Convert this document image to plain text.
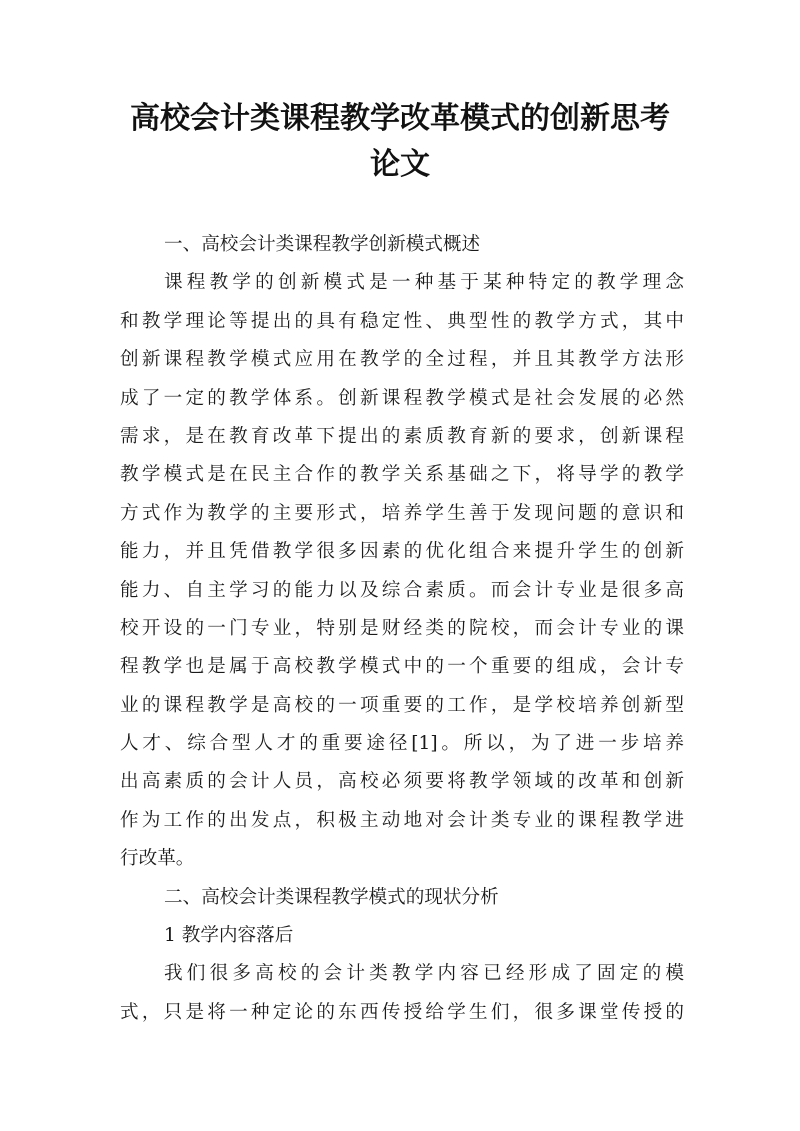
高校会计类课程教学改革模式的创新思考
论文
一、高校会计类课程教学创新模式概述
课程教学的创新模式是一种基于某种特定的教学理念
和教学理论等提出的具有稳定性、典型性的教学方式，其中
创新课程教学模式应用在教学的全过程，并且其教学方法形
成了一定的教学体系。创新课程教学模式是社会发展的必然
需求，是在教育改革下提出的素质教育新的要求，创新课程
教学模式是在民主合作的教学关系基础之下，将导学的教学
方式作为教学的主要形式，培养学生善于发现问题的意识和
能力，并且凭借教学很多因素的优化组合来提升学生的创新
能力、自主学习的能力以及综合素质。而会计专业是很多高
校开设的一门专业，特别是财经类的院校，而会计专业的课
程教学也是属于高校教学模式中的一个重要的组成，会计专
业的课程教学是高校的一项重要的工作，是学校培养创新型
人才、综合型人才的重要途径[1]。所以，为了进一步培养
出高素质的会计人员，高校必须要将教学领域的改革和创新
作为工作的出发点，积极主动地对会计类专业的课程教学进
行改革。
二、高校会计类课程教学模式的现状分析
1 教学内容落后
我们很多高校的会计类教学内容已经形成了固定的模
式，只是将一种定论的东西传授给学生们，很多课堂传授的
